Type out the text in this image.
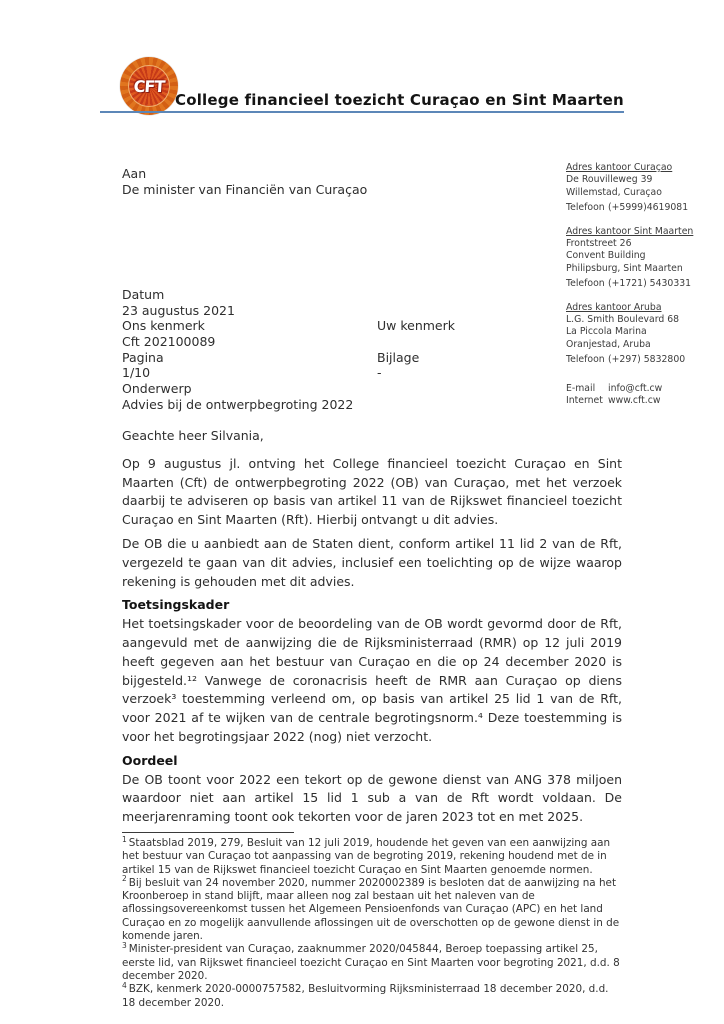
CFT
College financieel toezicht Curaçao en Sint Maarten
Aan
De minister van Financiën van Curaçao
Datum
23 augustus 2021
Ons kenmerk	Uw kenmerk
Cft 202100089
Pagina	Bijlage
1/10	-
Onderwerp
Advies bij de ontwerpbegroting 2022
Adres kantoor Curaçao
De Rouvilleweg 39
Willemstad, Curaçao
Telefoon (+5999)4619081
Adres kantoor Sint Maarten
Frontstreet 26
Convent Building
Philipsburg, Sint Maarten
Telefoon (+1721) 5430331
Adres kantoor Aruba
L.G. Smith Boulevard 68
La Piccola Marina
Oranjestad, Aruba
Telefoon (+297) 5832800
E-mail info@cft.cw
Internet www.cft.cw
Geachte heer Silvania,

Op 9 augustus jl. ontving het College financieel toezicht Curaçao en Sint Maarten (Cft) de ontwerpbegroting 2022 (OB) van Curaçao, met het verzoek daarbij te adviseren op basis van artikel 11 van de Rijkswet financieel toezicht Curaçao en Sint Maarten (Rft). Hierbij ontvangt u dit advies.

De OB die u aanbiedt aan de Staten dient, conform artikel 11 lid 2 van de Rft, vergezeld te gaan van dit advies, inclusief een toelichting op de wijze waarop rekening is gehouden met dit advies.

Toetsingskader

Het toetsingskader voor de beoordeling van de OB wordt gevormd door de Rft, aangevuld met de aanwijzing die de Rijksministerraad (RMR) op 12 juli 2019 heeft gegeven aan het bestuur van Curaçao en die op 24 december 2020 is bijgesteld.¹² Vanwege de coronacrisis heeft de RMR aan Curaçao op diens verzoek³ toestemming verleend om, op basis van artikel 25 lid 1 van de Rft, voor 2021 af te wijken van de centrale begrotingsnorm.⁴ Deze toestemming is voor het begrotingsjaar 2022 (nog) niet verzocht.

Oordeel

De OB toont voor 2022 een tekort op de gewone dienst van ANG 378 miljoen waardoor niet aan artikel 15 lid 1 sub a van de Rft wordt voldaan. De meerjarenraming toont ook tekorten voor de jaren 2023 tot en met 2025.

$^1$ Staatsblad 2019, 279, Besluit van 12 juli 2019, houdende het geven van een aanwijzing aan het bestuur van Curaçao tot aanpassing van de begroting 2019, rekening houdend met de in artikel 15 van de Rijkswet financieel toezicht Curaçao en Sint Maarten genoemde normen.
$^2$ Bij besluit van 24 november 2020, nummer 2020002389 is besloten dat de aanwijzing na het Kroonberoep in stand blijft, maar alleen nog zal bestaan uit het naleven van de aflossingsovereenkomst tussen het Algemeen Pensioenfonds van Curaçao (APC) en het land Curaçao en zo mogelijk aanvullende aflossingen uit de overschotten op de gewone dienst in de komende jaren.
$^3$ Minister-president van Curaçao, zaaknummer 2020/045844, Beroep toepassing artikel 25, eerste lid, van Rijkswet financieel toezicht Curaçao en Sint Maarten voor begroting 2021, d.d. 8 december 2020.
$^4$ BZK, kenmerk 2020-0000757582, Besluitvorming Rijksministerraad 18 december 2020, d.d. 18 december 2020.
